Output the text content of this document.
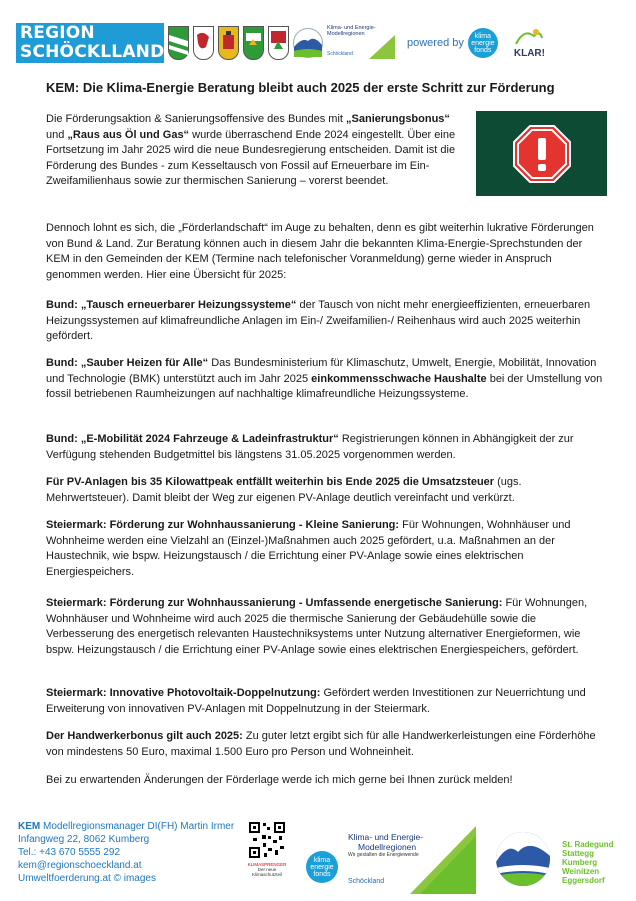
REGION
SCHÖCKLLAND
Klima- und Energie-
Modellregionen
Schöckland
powered by
klima
energie
fonds	KLAR!
KEM: Die Klima-Energie Beratung bleibt auch 2025 der erste Schritt zur Förderung
Die Förderungsaktion & Sanierungsoffensive des Bundes mit „Sanierungsbonus“ und „Raus aus Öl und Gas“ wurde überraschend Ende 2024 eingestellt. Über eine Fortsetzung im Jahr 2025 wird die neue Bundesregierung entscheiden. Damit ist die Förderung des Bundes - zum Kesseltausch von Fossil auf Erneuerbare im Ein-Zweifamilienhaus sowie zur thermischen Sanierung – vorerst beendet.
Dennoch lohnt es sich, die „Förderlandschaft“ im Auge zu behalten, denn es gibt weiterhin lukrative Förderungen von Bund & Land. Zur Beratung können auch in diesem Jahr die bekannten Klima-Energie-Sprechstunden der KEM in den Gemeinden der KEM (Termine nach telefonischer Voranmeldung) gerne wieder in Anspruch genommen werden. Hier eine Übersicht für 2025:
Bund: „Tausch erneuerbarer Heizungssysteme“ der Tausch von nicht mehr energieeffizienten, erneuerbaren Heizungssystemen auf klimafreundliche Anlagen im Ein-/ Zweifamilien-/ Reihenhaus wird auch 2025 weiterhin gefördert.
Bund: „Sauber Heizen für Alle“ Das Bundesministerium für Klimaschutz, Umwelt, Energie, Mobilität, Innovation und Technologie (BMK) unterstützt auch im Jahr 2025 einkommensschwache Haushalte bei der Umstellung von fossil betriebenen Raumheizungen auf nachhaltige klimafreundliche Heizungssysteme.
Bund: „E-Mobilität 2024 Fahrzeuge & Ladeinfrastruktur“ Registrierungen können in Abhängigkeit der zur Verfügung stehenden Budgetmittel bis längstens 31.05.2025 vorgenommen werden.
Für PV-Anlagen bis 35 Kilowattpeak entfällt weiterhin bis Ende 2025 die Umsatzsteuer (ugs. Mehrwertsteuer). Damit bleibt der Weg zur eigenen PV-Anlage deutlich vereinfacht und verkürzt.
Steiermark: Förderung zur Wohnhaussanierung - Kleine Sanierung: Für Wohnungen, Wohnhäuser und Wohnheime werden eine Vielzahl an (Einzel-)Maßnahmen auch 2025 gefördert, u.a. Maßnahmen an der Haustechnik, wie bspw. Heizungstausch / die Errichtung einer PV-Anlage sowie eines elektrischen Energiespeichers.
Steiermark: Förderung zur Wohnhaussanierung - Umfassende energetische Sanierung: Für Wohnungen, Wohnhäuser und Wohnheime wird auch 2025 die thermische Sanierung der Gebäudehülle sowie die Verbesserung des energetisch relevanten Haustechniksystems unter Nutzung alternativer Energieformen, wie bspw. Heizungstausch / die Errichtung einer PV-Anlage sowie eines elektrischen Energiespeichers, gefördert.
Steiermark: Innovative Photovoltaik-Doppelnutzung: Gefördert werden Investitionen zur Neuerrichtung und Erweiterung von innovativen PV-Anlagen mit Doppelnutzung in der Steiermark.
Der Handwerkerbonus gilt auch 2025: Zu guter letzt ergibt sich für alle Handwerkerleistungen eine Förderhöhe von mindestens 50 Euro, maximal 1.500 Euro pro Person und Wohneinheit.
Bei zu erwartenden Änderungen der Förderlage werde ich mich gerne bei Ihnen zurück melden!
KEM Modellregionsmanager DI(FH) Martin Irmer
Infangweg 22, 8062 Kumberg
Tel.: +43 670 5555 292
kem@regionschoeckland.at
Umweltfoerderung.at © images
KLIMASPRENGER
Der neue Klimaschutzteil
klima
energie
fonds
Klima- und Energie-
Modellregionen
Wir gestalten die Energiewende
Schöckland
St. Radegund
Stattegg
Kumberg
Weinitzen
Eggersdorf
